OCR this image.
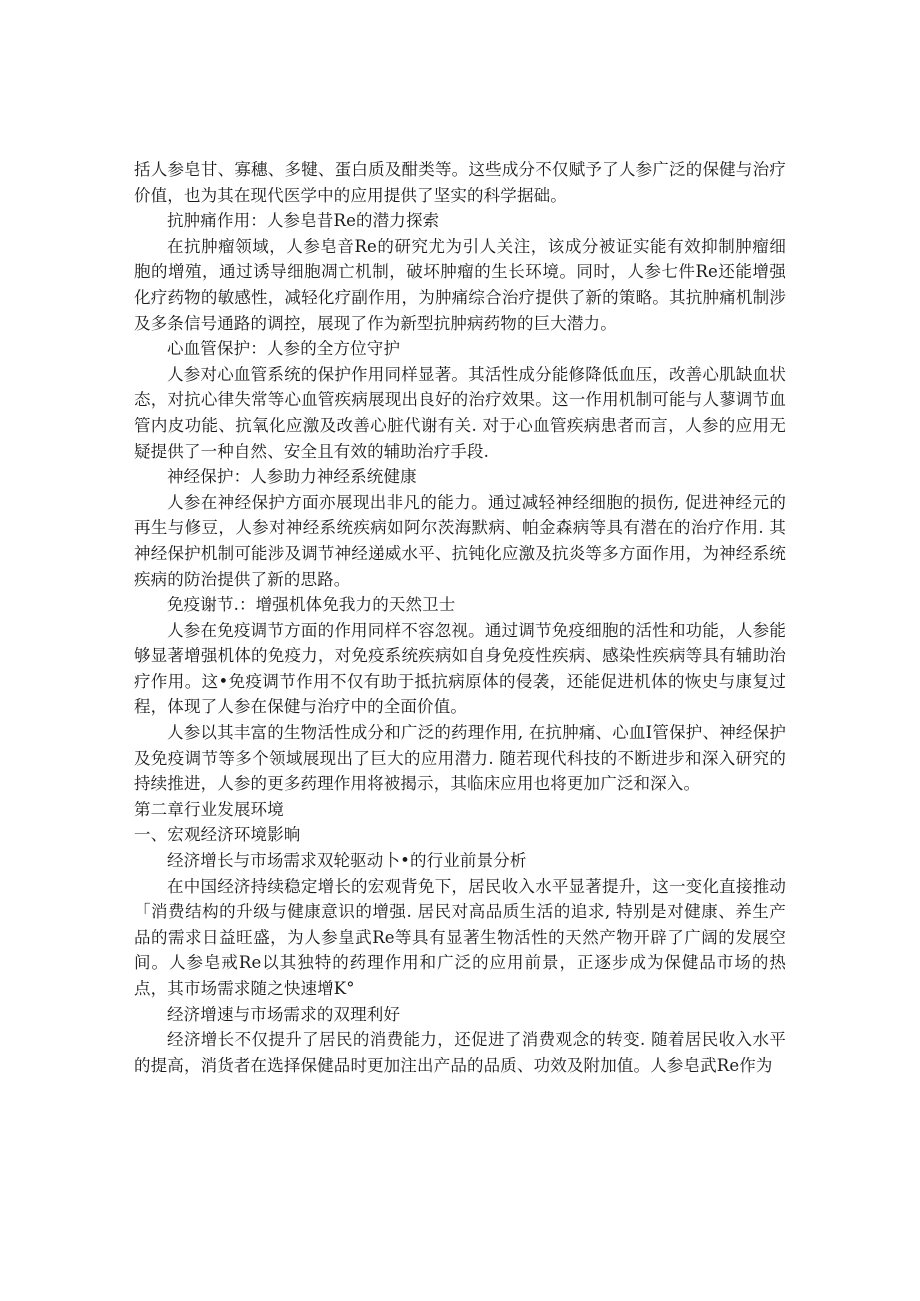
括人参皂甘、寡穗、多犍、蛋白质及酣类等。这些成分不仅赋予了人参广泛的保健与治疗价值，也为其在现代医学中的应用提供了坚实的科学据础。

抗肿痛作用：人参皂昔Re的潜力探索

在抗肿瘤领域，人参皂音Re的研究尤为引人关注，该成分被证实能有效抑制肿瘤细胞的增殖，通过诱导细胞凋亡机制，破坏肿瘤的生长环境。同时，人参七件Re还能增强化疗药物的敏感性，减轻化疗副作用，为肿痛综合治疗提供了新的策略。其抗肿痛机制涉及多条信号通路的调控，展现了作为新型抗肿病药物的巨大潜力。

心血管保护：人参的全方位守护

人参对心血管系统的保护作用同样显著。其活性成分能修降低血压，改善心肌缺血状态，对抗心律失常等心血管疾病展现出良好的治疗效果。这一作用机制可能与人蓼调节血管内皮功能、抗氧化应激及改善心脏代谢有关. 对于心血管疾病患者而言，人参的应用无疑提供了一种自然、安全且有效的辅助治疗手段.

神经保护：人参助力神经系统健康

人参在神经保护方面亦展现出非凡的能力。通过减轻神经细胞的损伤, 促进神经元的再生与修豆，人参对神经系统疾病如阿尔茨海默病、帕金森病等具有潜在的治疗作用. 其神经保护机制可能涉及调节神经递威水平、抗钝化应激及抗炎等多方面作用，为神经系统疾病的防治提供了新的思路。

免疫谢节.：增强机体免我力的天然卫士

人参在免疫调节方面的作用同样不容忽视。通过调节免疫细胞的活性和功能，人参能够显著增强机体的免疫力，对免疫系统疾病如自身免疫性疾病、感染性疾病等具有辅助治疗作用。这•免疫调节作用不仅有助于抵抗病原体的侵袭，还能促进机体的恢史与康复过程，体现了人参在保健与治疗中的全面价值。

人参以其丰富的生物活性成分和广泛的药理作用, 在抗肿痛、心血I管保护、神经保护及免疫调节等多个领域展现出了巨大的应用潜力. 随若现代科技的不断进步和深入研究的持续推进，人参的更多药理作用将被揭示，其临床应用也将更加广泛和深入。

第二章行业发展环境

一、宏观经济环境影晌

经济增长与市场需求双轮驱动卜•的行业前景分析

在中国经济持续稳定增长的宏观背免下，居民收入水平显著提升，这一变化直接推动「消费结构的升级与健康意识的增强. 居民对高品质生活的追求, 特别是对健康、养生产品的需求日益旺盛，为人参皇武Re等具有显著生物活性的天然产物开辟了广阔的发展空间。人参皂戒Re以其独特的药理作用和广泛的应用前景，正逐步成为保健品市场的热点，其市场需求随之快速增K°

经济增速与市场需求的双理利好

经济增长不仅提升了居民的消费能力，还促进了消费观念的转变. 随着居民收入水平的提高，消货者在选择保健品时更加注出产品的品质、功效及附加值。人参皂武Re作为
